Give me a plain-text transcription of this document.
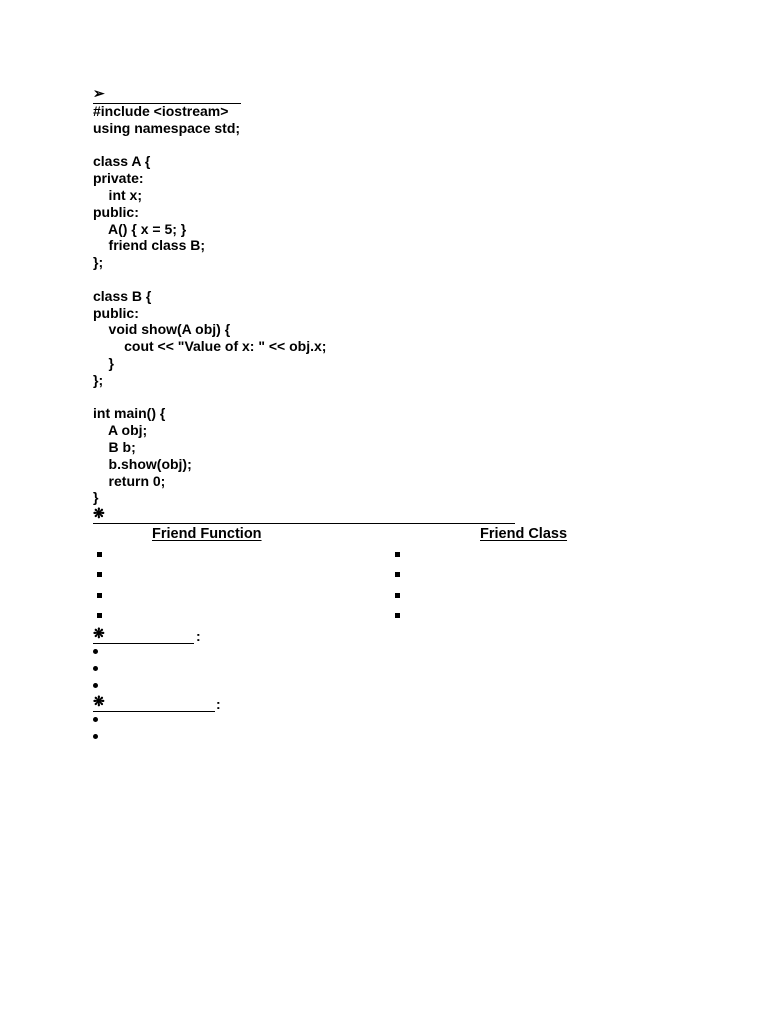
➢
#include <iostream>
using namespace std;
class A {
private:
int x;
public:
A() { x = 5; }
friend class B;
};
class B {
public:
void show(A obj) {
cout << "Value of x: " << obj.x;
}
};
int main() {
A obj;
B b;
b.show(obj);
return 0;
}
❋
Friend Function	Friend Class
❋	:
❋	:
